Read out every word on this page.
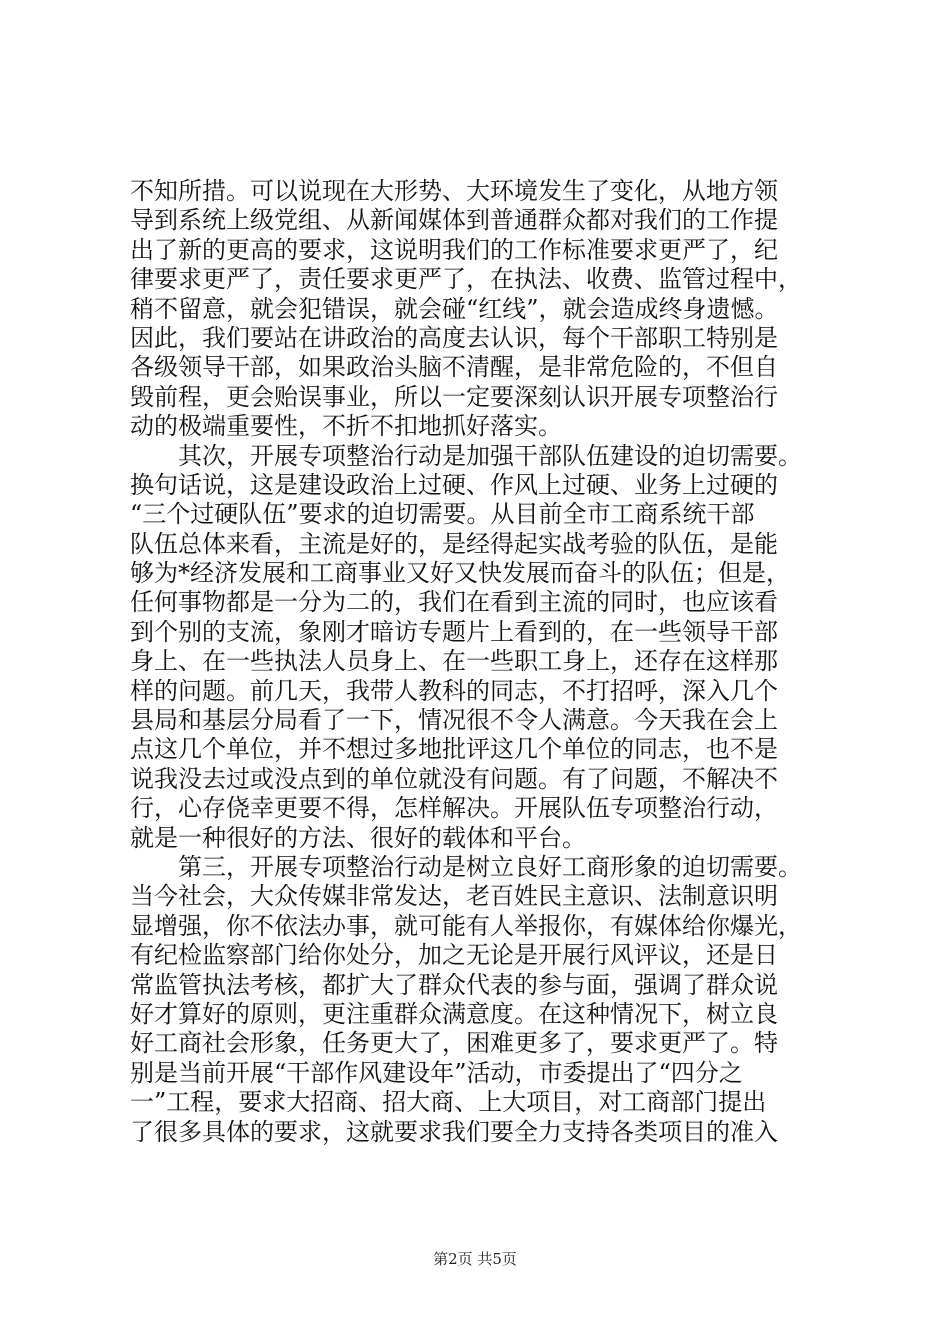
不知所措。可以说现在大形势、大环境发生了变化，从地方领
导到系统上级党组、从新闻媒体到普通群众都对我们的工作提
出了新的更高的要求，这说明我们的工作标准要求更严了，纪
律要求更严了，责任要求更严了，在执法、收费、监管过程中，
稍不留意，就会犯错误，就会碰“红线”，就会造成终身遗憾。
因此，我们要站在讲政治的高度去认识，每个干部职工特别是
各级领导干部，如果政治头脑不清醒，是非常危险的，不但自
毁前程，更会贻误事业，所以一定要深刻认识开展专项整治行
动的极端重要性，不折不扣地抓好落实。
　　其次，开展专项整治行动是加强干部队伍建设的迫切需要。
换句话说，这是建设政治上过硬、作风上过硬、业务上过硬的
“三个过硬队伍”要求的迫切需要。从目前全市工商系统干部
队伍总体来看，主流是好的，是经得起实战考验的队伍，是能
够为*经济发展和工商事业又好又快发展而奋斗的队伍；但是，
任何事物都是一分为二的，我们在看到主流的同时，也应该看
到个别的支流，象刚才暗访专题片上看到的，在一些领导干部
身上、在一些执法人员身上、在一些职工身上，还存在这样那
样的问题。前几天，我带人教科的同志，不打招呼，深入几个
县局和基层分局看了一下，情况很不令人满意。今天我在会上
点这几个单位，并不想过多地批评这几个单位的同志，也不是
说我没去过或没点到的单位就没有问题。有了问题，不解决不
行，心存侥幸更要不得，怎样解决。开展队伍专项整治行动，
就是一种很好的方法、很好的载体和平台。
　　第三，开展专项整治行动是树立良好工商形象的迫切需要。
当今社会，大众传媒非常发达，老百姓民主意识、法制意识明
显增强，你不依法办事，就可能有人举报你，有媒体给你爆光，
有纪检监察部门给你处分，加之无论是开展行风评议，还是日
常监管执法考核，都扩大了群众代表的参与面，强调了群众说
好才算好的原则，更注重群众满意度。在这种情况下，树立良
好工商社会形象，任务更大了，困难更多了，要求更严了。特
别是当前开展“干部作风建设年”活动，市委提出了“四分之
一”工程，要求大招商、招大商、上大项目，对工商部门提出
了很多具体的要求，这就要求我们要全力支持各类项目的准入
第2页 共5页
